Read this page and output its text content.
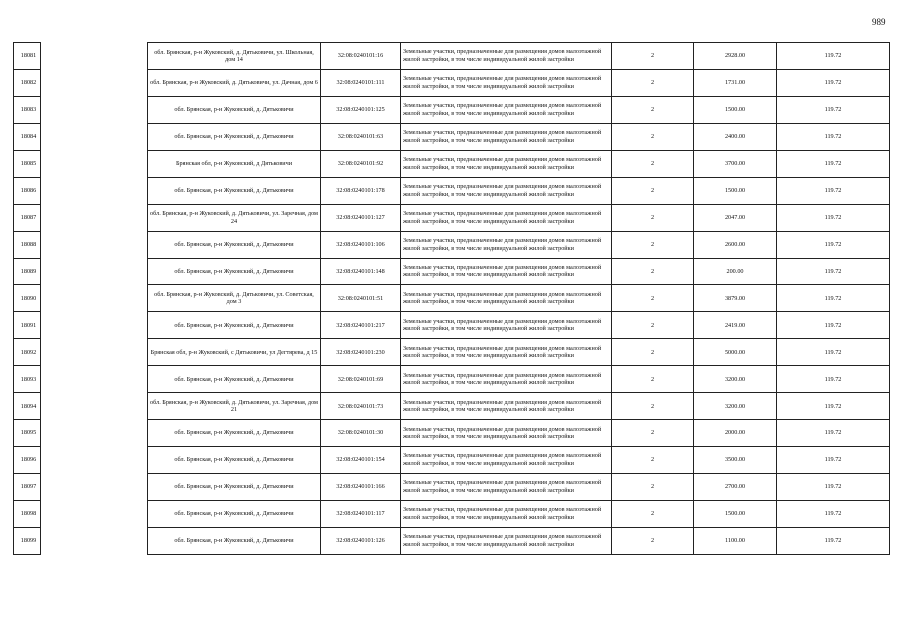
989
18081		обл. Брянская, р-н Жуковский, д. Дятьковичи, ул. Школьная, дом 14	32:08:0240101:16	Земельные участки, предназначенные для размещения домов малоэтажной жилой застройки, в том числе индивидуальной жилой застройки	2	2928.00	119.72	
18082		обл. Брянская, р-н Жуковский, д. Дятьковичи, ул. Дачная, дом 6	32:08:0240101:111	Земельные участки, предназначенные для размещения домов малоэтажной жилой застройки, в том числе индивидуальной жилой застройки	2	1731.00	119.72	
18083		обл. Брянская, р-н Жуковский, д. Дятьковичи	32:08:0240101:125	Земельные участки, предназначенные для размещения домов малоэтажной жилой застройки, в том числе индивидуальной жилой застройки	2	1500.00	119.72	
18084		обл. Брянская, р-н Жуковский, д. Дятьковичи	32:08:0240101:63	Земельные участки, предназначенные для размещения домов малоэтажной жилой застройки, в том числе индивидуальной жилой застройки	2	2400.00	119.72	
18085		Брянская обл, р-н Жуковский, д Дятьковичи	32:08:0240101:92	Земельные участки, предназначенные для размещения домов малоэтажной жилой застройки, в том числе индивидуальной жилой застройки	2	3700.00	119.72	
18086		обл. Брянская, р-н Жуковский, д. Дятьковичи	32:08:0240101:178	Земельные участки, предназначенные для размещения домов малоэтажной жилой застройки, в том числе индивидуальной жилой застройки	2	1500.00	119.72	
18087		обл. Брянская, р-н Жуковский, д. Дятьковичи, ул. Заречная, дом 24	32:08:0240101:127	Земельные участки, предназначенные для размещения домов малоэтажной жилой застройки, в том числе индивидуальной жилой застройки	2	2047.00	119.72	
18088		обл. Брянская, р-н Жуковский, д. Дятьковичи	32:08:0240101:106	Земельные участки, предназначенные для размещения домов малоэтажной жилой застройки, в том числе индивидуальной жилой застройки	2	2600.00	119.72	
18089		обл. Брянская, р-н Жуковский, д. Дятьковичи	32:08:0240101:148	Земельные участки, предназначенные для размещения домов малоэтажной жилой застройки, в том числе индивидуальной жилой застройки	2	200.00	119.72	
18090		обл. Брянская, р-н Жуковский, д. Дятьковичи, ул. Советская, дом 3	32:08:0240101:51	Земельные участки, предназначенные для размещения домов малоэтажной жилой застройки, в том числе индивидуальной жилой застройки	2	3879.00	119.72	
18091		обл. Брянская, р-н Жуковский, д. Дятьковичи	32:08:0240101:217	Земельные участки, предназначенные для размещения домов малоэтажной жилой застройки, в том числе индивидуальной жилой застройки	2	2419.00	119.72	
18092		Брянская обл, р-н Жуковский, с Дятьковичи, ул Дегтярева, д 15	32:08:0240101:230	Земельные участки, предназначенные для размещения домов малоэтажной жилой застройки, в том числе индивидуальной жилой застройки	2	5000.00	119.72	
18093		обл. Брянская, р-н Жуковский, д. Дятьковичи	32:08:0240101:69	Земельные участки, предназначенные для размещения домов малоэтажной жилой застройки, в том числе индивидуальной жилой застройки	2	3200.00	119.72	
18094		обл. Брянская, р-н Жуковский, д. Дятьковичи, ул. Заречная, дом 21	32:08:0240101:73	Земельные участки, предназначенные для размещения домов малоэтажной жилой застройки, в том числе индивидуальной жилой застройки	2	3200.00	119.72	
18095		обл. Брянская, р-н Жуковский, д. Дятьковичи	32:08:0240101:30	Земельные участки, предназначенные для размещения домов малоэтажной жилой застройки, в том числе индивидуальной жилой застройки	2	2000.00	119.72	
18096		обл. Брянская, р-н Жуковский, д. Дятьковичи	32:08:0240101:154	Земельные участки, предназначенные для размещения домов малоэтажной жилой застройки, в том числе индивидуальной жилой застройки	2	3500.00	119.72	
18097		обл. Брянская, р-н Жуковский, д. Дятьковичи	32:08:0240101:166	Земельные участки, предназначенные для размещения домов малоэтажной жилой застройки, в том числе индивидуальной жилой застройки	2	2700.00	119.72	
18098		обл. Брянская, р-н Жуковский, д. Дятьковичи	32:08:0240101:117	Земельные участки, предназначенные для размещения домов малоэтажной жилой застройки, в том числе индивидуальной жилой застройки	2	1500.00	119.72	
18099		обл. Брянская, р-н Жуковский, д. Дятьковичи	32:08:0240101:126	Земельные участки, предназначенные для размещения домов малоэтажной жилой застройки, в том числе индивидуальной жилой застройки	2	1100.00	119.72	
